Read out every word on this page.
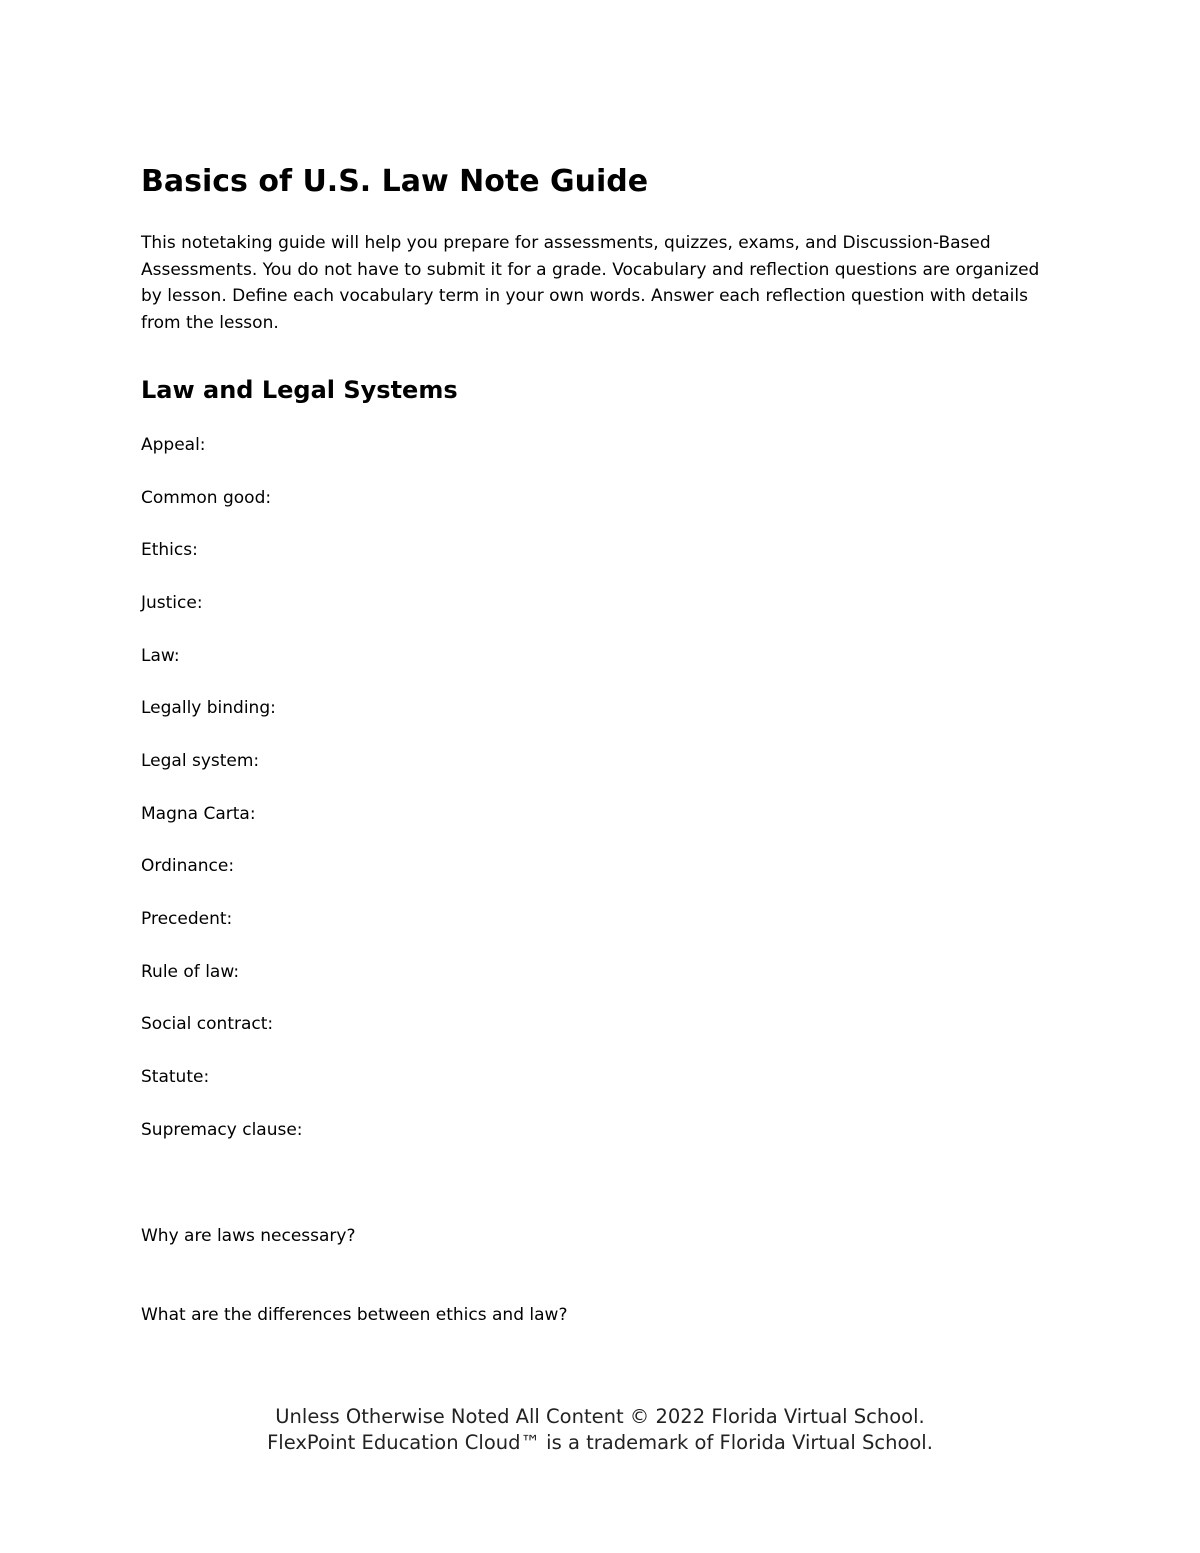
Basics of U.S. Law Note Guide

This notetaking guide will help you prepare for assessments, quizzes, exams, and Discussion-Based Assessments. You do not have to submit it for a grade. Vocabulary and reflection questions are organized by lesson. Define each vocabulary term in your own words. Answer each reflection question with details from the lesson.

Law and Legal Systems

Appeal:

Common good:

Ethics:

Justice:

Law:

Legally binding:

Legal system:

Magna Carta:

Ordinance:

Precedent:

Rule of law:

Social contract:

Statute:

Supremacy clause:

Why are laws necessary?

What are the differences between ethics and law?

Unless Otherwise Noted All Content © 2022 Florida Virtual School.
FlexPoint Education Cloud™ is a trademark of Florida Virtual School.
